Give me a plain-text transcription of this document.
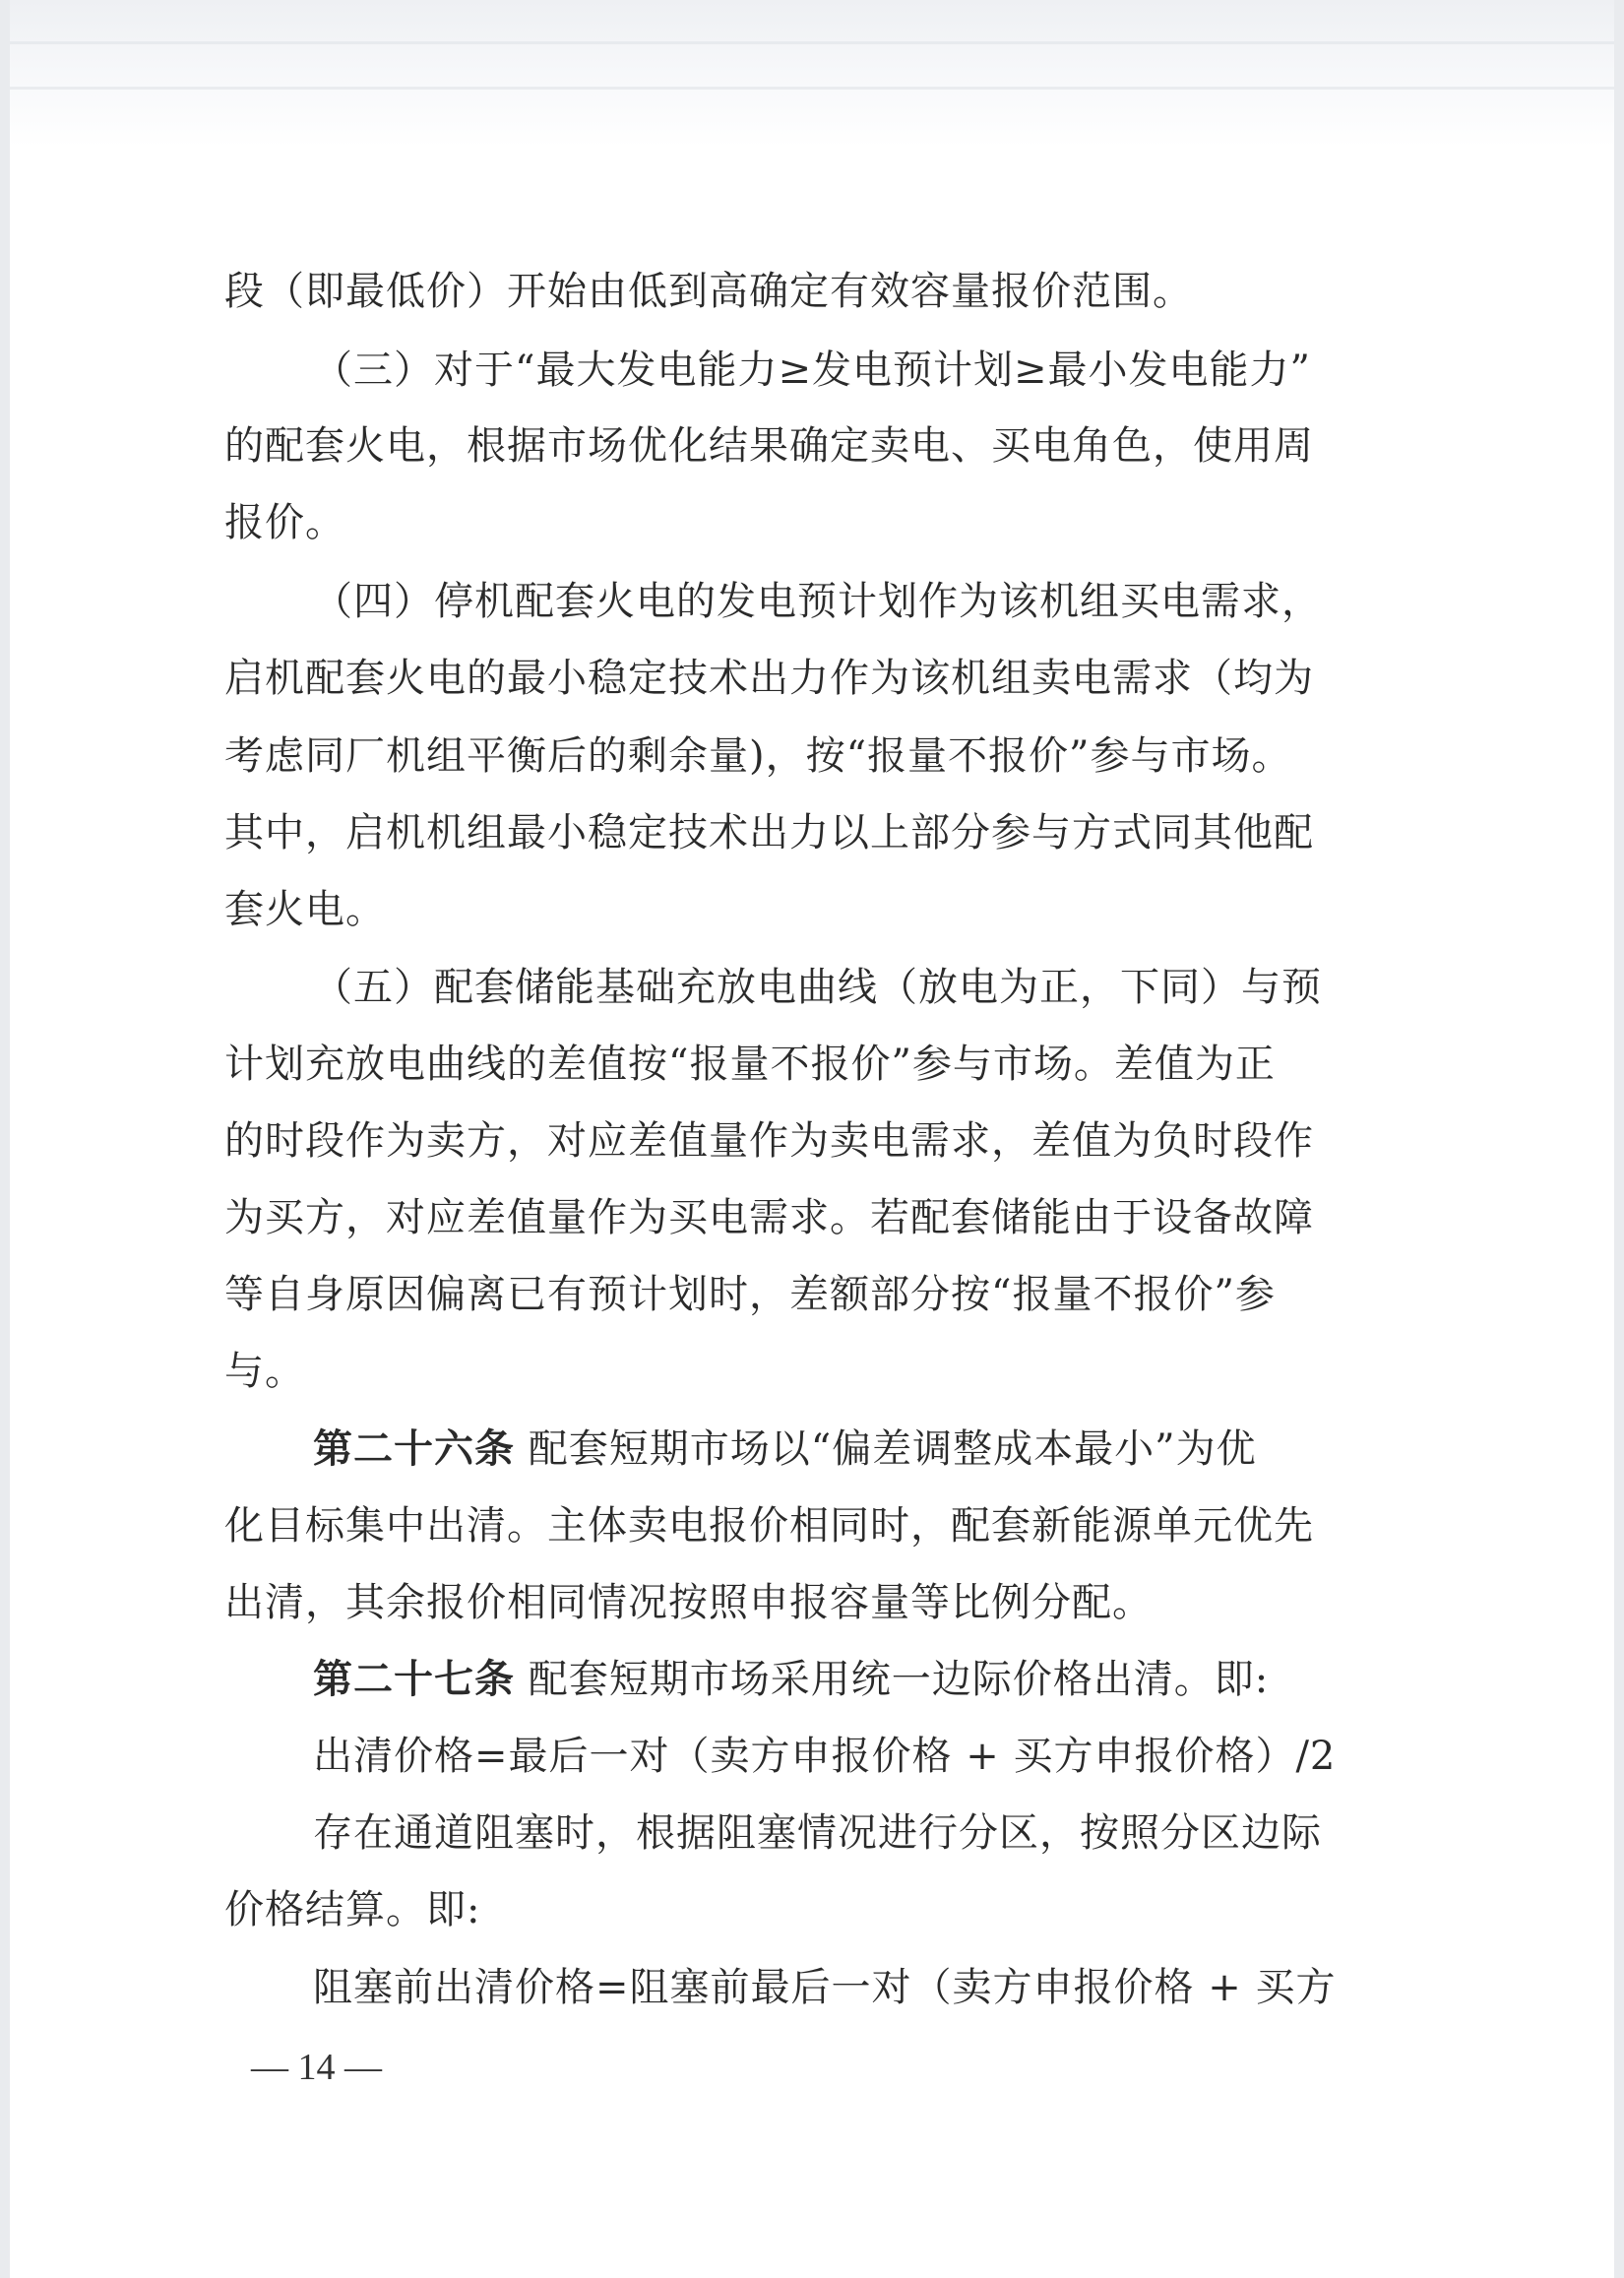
段（即最低价）开始由低到高确定有效容量报价范围。

（三）对于“最大发电能力≥发电预计划≥最小发电能力”

的配套火电，根据市场优化结果确定卖电、买电角色，使用周

报价。

（四）停机配套火电的发电预计划作为该机组买电需求，

启机配套火电的最小稳定技术出力作为该机组卖电需求（均为

考虑同厂机组平衡后的剩余量)，按“报量不报价”参与市场。

其中，启机机组最小稳定技术出力以上部分参与方式同其他配

套火电。

（五）配套储能基础充放电曲线（放电为正，下同）与预

计划充放电曲线的差值按“报量不报价”参与市场。差值为正

的时段作为卖方，对应差值量作为卖电需求，差值为负时段作

为买方，对应差值量作为买电需求。若配套储能由于设备故障

等自身原因偏离已有预计划时，差额部分按“报量不报价”参

与。

第二十六条 配套短期市场以“偏差调整成本最小”为优

化目标集中出清。主体卖电报价相同时，配套新能源单元优先

出清，其余报价相同情况按照申报容量等比例分配。

第二十七条 配套短期市场采用统一边际价格出清。即:

出清价格=最后一对（卖方申报价格 + 买方申报价格）/2

存在通道阻塞时，根据阻塞情况进行分区，按照分区边际

价格结算。即:

阻塞前出清价格=阻塞前最后一对（卖方申报价格 + 买方

— 14 —
